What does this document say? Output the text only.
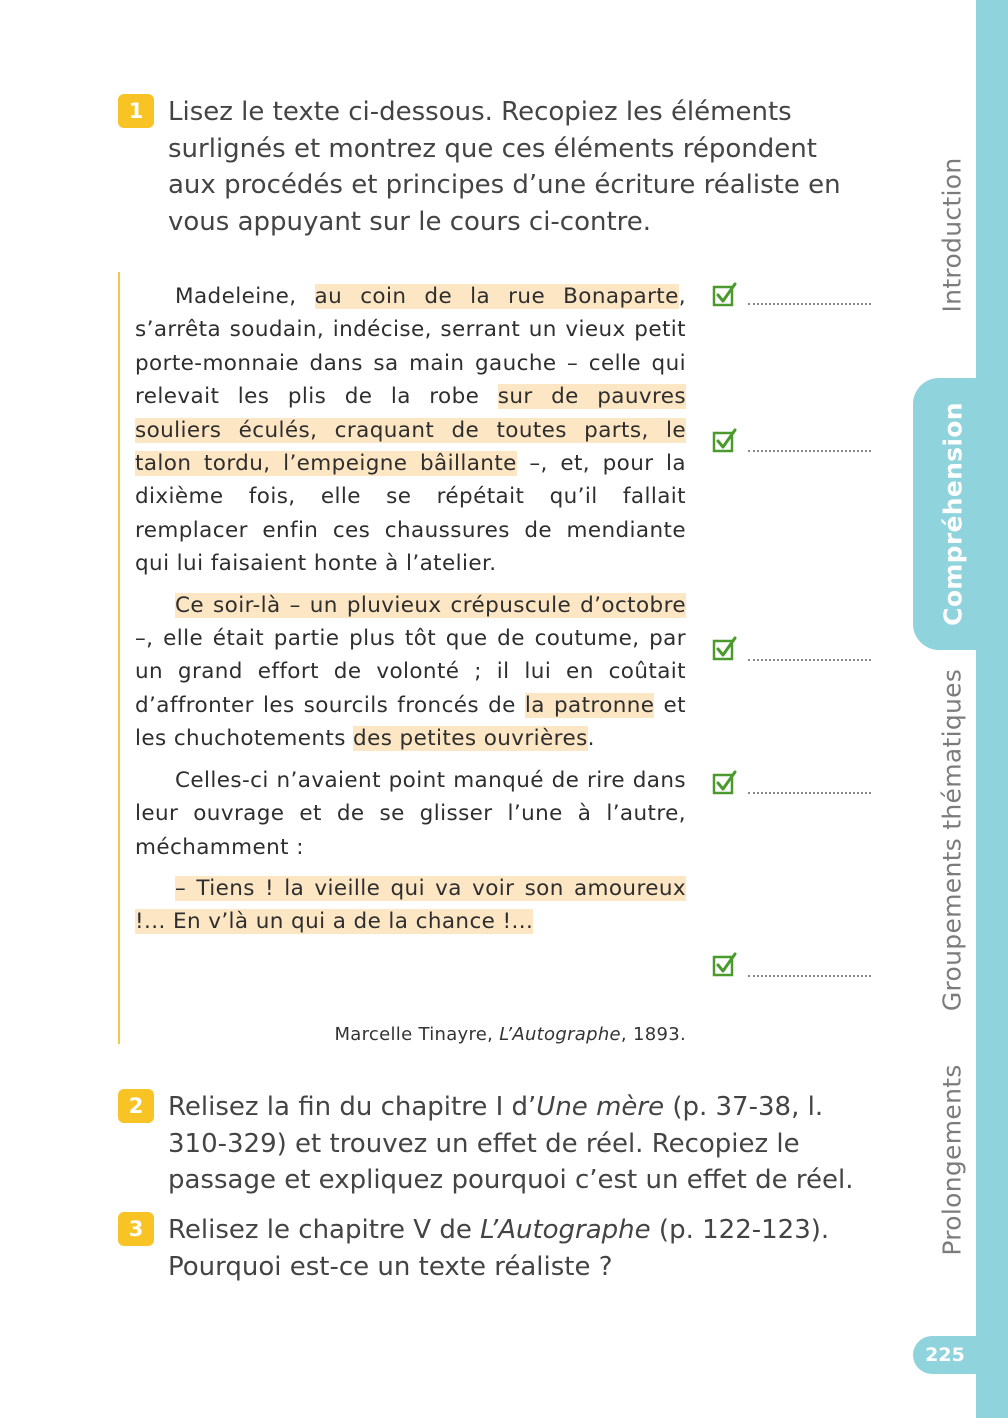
Introduction
Compréhension
Groupements thématiques
Prolongements
225
1 Lisez le texte ci-dessous. Recopiez les éléments surlignés et montrez que ces éléments répondent aux procédés et principes d’une écriture réaliste en vous appuyant sur le cours ci-contre.

Madeleine, au coin de la rue Bonaparte, s’arrêta soudain, indécise, serrant un vieux petit porte-monnaie dans sa main gauche – celle qui relevait les plis de la robe sur de pauvres souliers éculés, craquant de toutes parts, le talon tordu, l’empeigne bâillante –, et, pour la dixième fois, elle se répétait qu’il fallait remplacer enfin ces chaussures de mendiante qui lui faisaient honte à l’atelier.

Ce soir-là – un pluvieux crépuscule d’octobre –, elle était partie plus tôt que de coutume, par un grand effort de volonté ; il lui en coûtait d’affronter les sourcils froncés de la patronne et les chuchotements des petites ouvrières.

Celles-ci n’avaient point manqué de rire dans leur ouvrage et de se glisser l’une à l’autre, méchamment :

– Tiens ! la vieille qui va voir son amoureux !... En v’là un qui a de la chance !...

Marcelle Tinayre, L’Autographe, 1893.
2 Relisez la fin du chapitre I d’Une mère (p. 37-38, l. 310-329) et trouvez un effet de réel. Recopiez le passage et expliquez pourquoi c’est un effet de réel.
3 Relisez le chapitre V de L’Autographe (p. 122-123). Pourquoi est-ce un texte réaliste ?
